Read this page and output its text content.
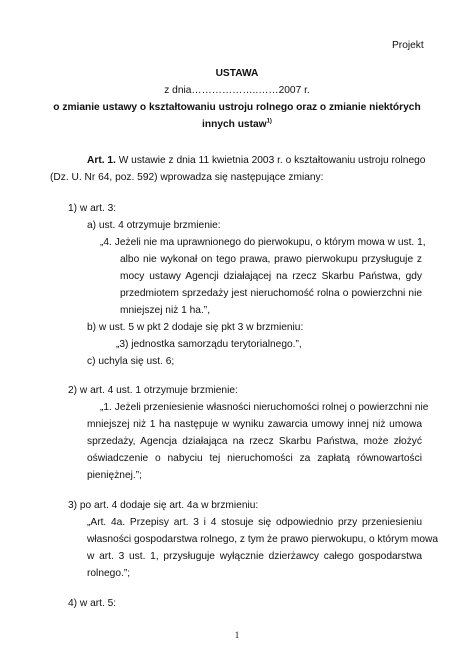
Projekt
USTAWA
z dnia………………..……2007 r.
o zmianie ustawy o kształtowaniu ustroju rolnego oraz o zmianie niektórych
innych ustaw$^{1)}$
Art. 1. W ustawie z dnia 11 kwietnia 2003 r. o kształtowaniu ustroju rolnego
(Dz. U. Nr 64, poz. 592) wprowadza się następujące zmiany:
1) w art. 3:
a) ust. 4 otrzymuje brzmienie:
„4. Jeżeli nie ma uprawnionego do pierwokupu, o którym mowa w ust. 1,
albo nie wykonał on tego prawa, prawo pierwokupu przysługuje z
mocy ustawy Agencji działającej na rzecz Skarbu Państwa, gdy
przedmiotem sprzedaży jest nieruchomość rolna o powierzchni nie
mniejszej niż 1 ha.”,
b) w ust. 5 w pkt 2 dodaje się pkt 3 w brzmieniu:
„3) jednostka samorządu terytorialnego.”,
c) uchyla się ust. 6;
2) w art. 4 ust. 1 otrzymuje brzmienie:
„1. Jeżeli przeniesienie własności nieruchomości rolnej o powierzchni nie
mniejszej niż 1 ha następuje w wyniku zawarcia umowy innej niż umowa
sprzedaży, Agencja działająca na rzecz Skarbu Państwa, może złożyć
oświadczenie o nabyciu tej nieruchomości za zapłatą równowartości
pieniężnej.”;
3) po art. 4 dodaje się art. 4a w brzmieniu:
„Art. 4a. Przepisy art. 3 i 4 stosuje się odpowiednio przy przeniesieniu
własności gospodarstwa rolnego, z tym że prawo pierwokupu, o którym mowa
w art. 3 ust. 1, przysługuje wyłącznie dzierżawcy całego gospodarstwa
rolnego.”;
4) w art. 5:
1
